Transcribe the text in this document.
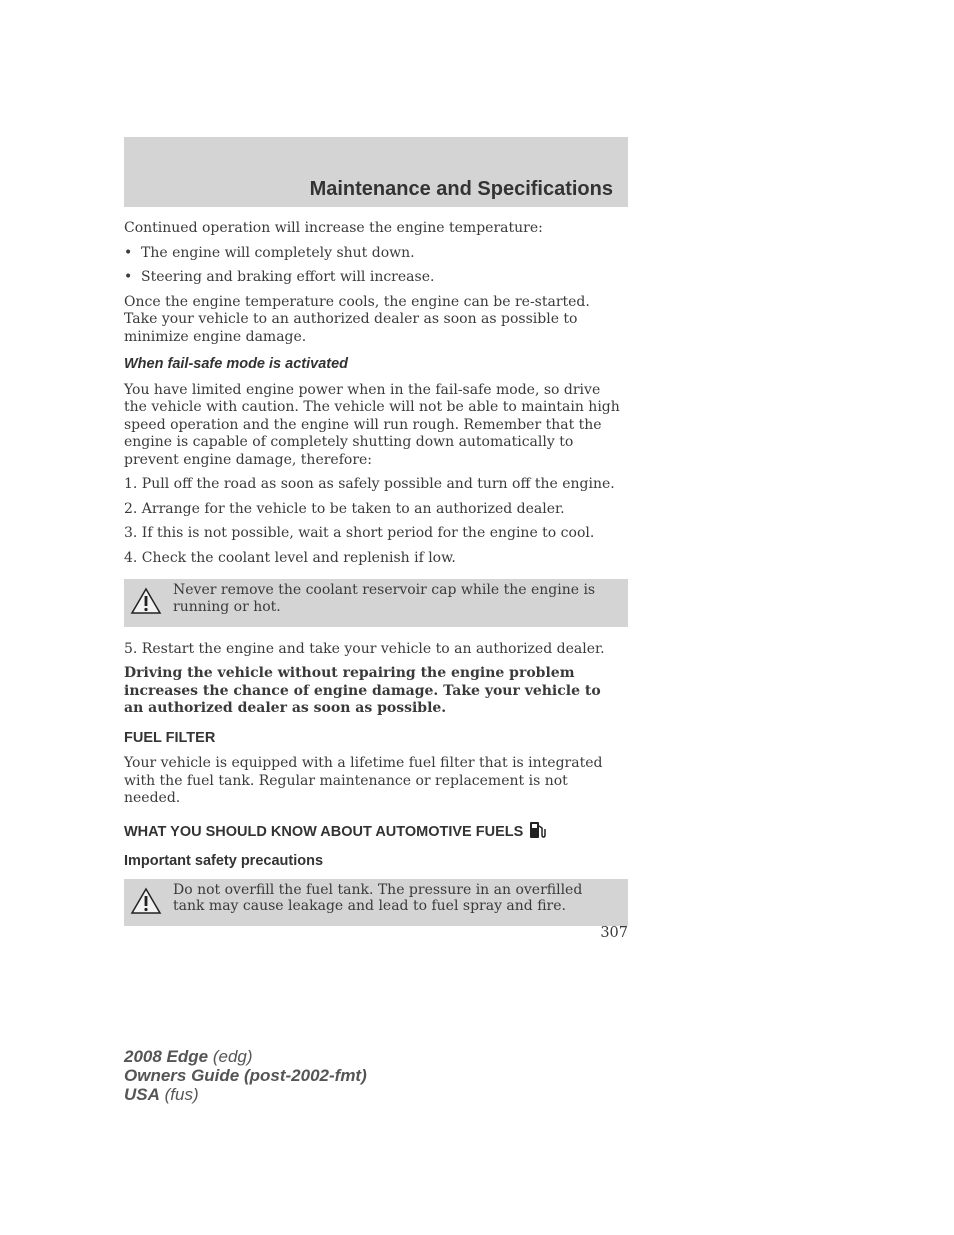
Maintenance and Specifications

Continued operation will increase the engine temperature:

• The engine will completely shut down.
• Steering and braking effort will increase.

Once the engine temperature cools, the engine can be re-started. Take your vehicle to an authorized dealer as soon as possible to minimize engine damage.

When fail-safe mode is activated

You have limited engine power when in the fail-safe mode, so drive the vehicle with caution. The vehicle will not be able to maintain high speed operation and the engine will run rough. Remember that the engine is capable of completely shutting down automatically to prevent engine damage, therefore:

1. Pull off the road as soon as safely possible and turn off the engine.
2. Arrange for the vehicle to be taken to an authorized dealer.
3. If this is not possible, wait a short period for the engine to cool.
4. Check the coolant level and replenish if low.
Never remove the coolant reservoir cap while the engine is running or hot.
5. Restart the engine and take your vehicle to an authorized dealer.

Driving the vehicle without repairing the engine problem increases the chance of engine damage. Take your vehicle to an authorized dealer as soon as possible.

FUEL FILTER

Your vehicle is equipped with a lifetime fuel filter that is integrated with the fuel tank. Regular maintenance or replacement is not needed.

WHAT YOU SHOULD KNOW ABOUT AUTOMOTIVE FUELS
Important safety precautions
Do not overfill the fuel tank. The pressure in an overfilled tank may cause leakage and lead to fuel spray and fire.
307
2008 Edge (edg)
Owners Guide (post-2002-fmt)
USA (fus)
